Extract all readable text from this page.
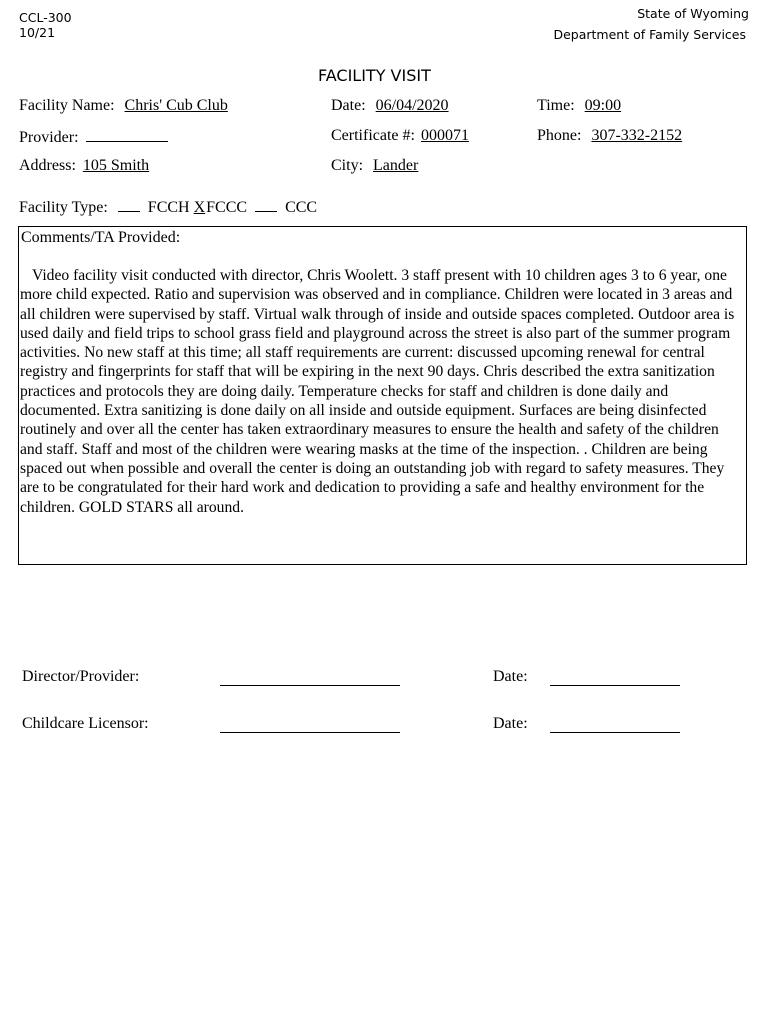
CCL-300
10/21
State of Wyoming
Department of Family Services
FACILITY VISIT
Facility Name: Chris' Cub Club	Date: 06/04/2020	Time: 09:00
Provider:	Certificate #: 000071	Phone: 307-332-2152
Address: 105 Smith	City: Lander
Facility Type:	FCCH XFCCC CCC
Comments/TA Provided:
Video facility visit conducted with director, Chris Woolett. 3 staff present with 10 children ages 3 to 6 year, one more child expected. Ratio and supervision was observed and in compliance. Children were located in 3 areas and all children were supervised by staff. Virtual walk through of inside and outside spaces completed. Outdoor area is used daily and field trips to school grass field and playground across the street is also part of the summer program activities. No new staff at this time; all staff requirements are current: discussed upcoming renewal for central registry and fingerprints for staff that will be expiring in the next 90 days. Chris described the extra sanitization practices and protocols they are doing daily. Temperature checks for staff and children is done daily and documented. Extra sanitizing is done daily on all inside and outside equipment. Surfaces are being disinfected routinely and over all the center has taken extraordinary measures to ensure the health and safety of the children and staff. Staff and most of the children were wearing masks at the time of the inspection. . Children are being spaced out when possible and overall the center is doing an outstanding job with regard to safety measures. They are to be congratulated for their hard work and dedication to providing a safe and healthy environment for the children. GOLD STARS all around.
Director/Provider:	Date:
Childcare Licensor:	Date:
